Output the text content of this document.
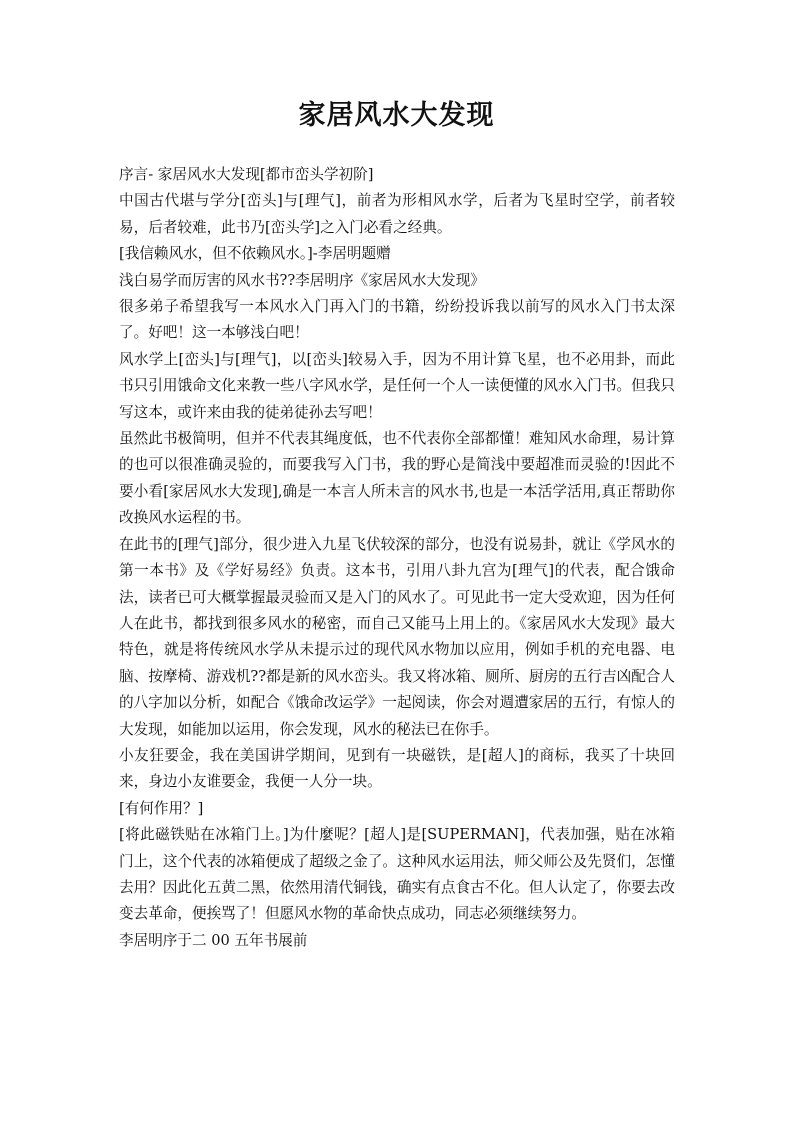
家居风水大发现

序言- 家居风水大发现[都市峦头学初阶]

中国古代堪与学分[峦头]与[理气]，前者为形相风水学，后者为飞星时空学，前者较易，后者较难，此书乃[峦头学]之入门必看之经典。

[我信赖风水，但不依赖风水。]-李居明题赠

浅白易学而厉害的风水书??李居明序《家居风水大发现》

很多弟子希望我写一本风水入门再入门的书籍，纷纷投诉我以前写的风水入门书太深了。好吧！这一本够浅白吧！

风水学上[峦头]与[理气]，以[峦头]较易入手，因为不用计算飞星，也不必用卦，而此书只引用饿命文化来教一些八字风水学，是任何一个人一读便懂的风水入门书。但我只写这本，或许来由我的徒弟徒孙去写吧！

虽然此书极简明，但并不代表其绳度低，也不代表你全部都懂！难知风水命理，易计算的也可以很准确灵验的，而要我写入门书，我的野心是简浅中要超准而灵验的!因此不要小看[家居风水大发现],确是一本言人所未言的风水书,也是一本活学活用,真正帮助你改换风水运程的书。

在此书的[理气]部分，很少进入九星飞伏较深的部分，也没有说易卦，就让《学风水的第一本书》及《学好易经》负责。这本书，引用八卦九宫为[理气]的代表，配合饿命法，读者已可大概掌握最灵验而又是入门的风水了。可见此书一定大受欢迎，因为任何人在此书，都找到很多风水的秘密，而自己又能马上用上的。《家居风水大发现》最大特色，就是将传统风水学从未提示过的现代风水物加以应用，例如手机的充电器、电脑、按摩椅、游戏机??都是新的风水峦头。我又将冰箱、厕所、厨房的五行吉凶配合人的八字加以分析，如配合《饿命改运学》一起阅读，你会对週遭家居的五行，有惊人的大发现，如能加以运用，你会发现，风水的秘法已在你手。

小友狂要金，我在美国讲学期间，见到有一块磁铁，是[超人]的商标，我买了十块回来，身边小友谁要金，我便一人分一块。

[有何作用？]

[将此磁铁贴在冰箱门上。]为什麼呢？[超人]是[SUPERMAN]，代表加强，贴在冰箱门上，这个代表的冰箱便成了超级之金了。这种风水运用法，师父师公及先贤们，怎懂去用？因此化五黄二黑，依然用清代铜钱，确实有点食古不化。但人认定了，你要去改变去革命，便挨骂了！但愿风水物的革命快点成功，同志必须继续努力。

李居明序于二 00 五年书展前
